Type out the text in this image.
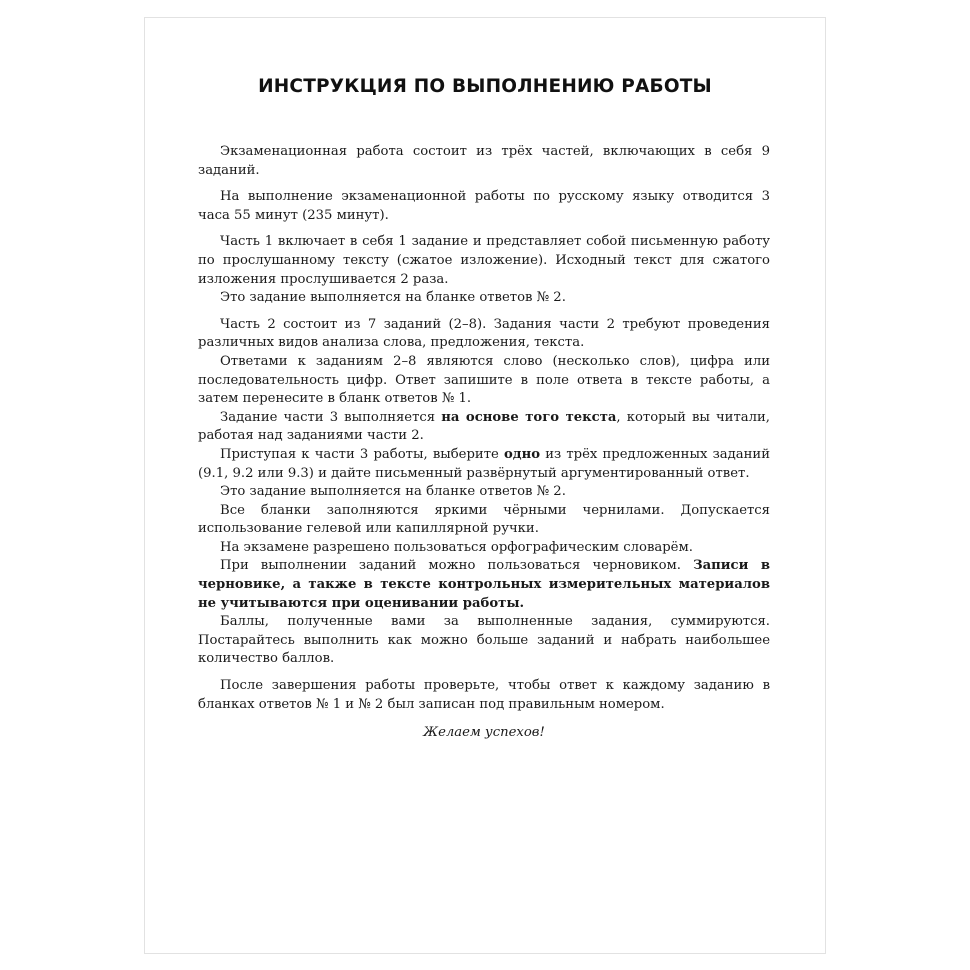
ИНСТРУКЦИЯ ПО ВЫПОЛНЕНИЮ РАБОТЫ

Экзаменационная работа состоит из трёх частей, включающих в себя 9 заданий.

На выполнение экзаменационной работы по русскому языку отводится 3 часа 55 минут (235 минут).

Часть 1 включает в себя 1 задание и представляет собой письменную работу по прослушанному тексту (сжатое изложение). Исходный текст для сжатого изложения прослушивается 2 раза.

Это задание выполняется на бланке ответов № 2.

Часть 2 состоит из 7 заданий (2–8). Задания части 2 требуют проведения различных видов анализа слова, предложения, текста.

Ответами к заданиям 2–8 являются слово (несколько слов), цифра или последовательность цифр. Ответ запишите в поле ответа в тексте работы, а затем перенесите в бланк ответов № 1.

Задание части 3 выполняется на основе того текста, который вы читали, работая над заданиями части 2.

Приступая к части 3 работы, выберите одно из трёх предложенных заданий (9.1, 9.2 или 9.3) и дайте письменный развёрнутый аргументированный ответ.

Это задание выполняется на бланке ответов № 2.

Все бланки заполняются яркими чёрными чернилами. Допускается использование гелевой или капиллярной ручки.

На экзамене разрешено пользоваться орфографическим словарём.

При выполнении заданий можно пользоваться черновиком. Записи в черновике, а также в тексте контрольных измерительных материалов не учитываются при оценивании работы.

Баллы, полученные вами за выполненные задания, суммируются. Постарайтесь выполнить как можно больше заданий и набрать наибольшее количество баллов.

После завершения работы проверьте, чтобы ответ к каждому заданию в бланках ответов № 1 и № 2 был записан под правильным номером.

Желаем успехов!
